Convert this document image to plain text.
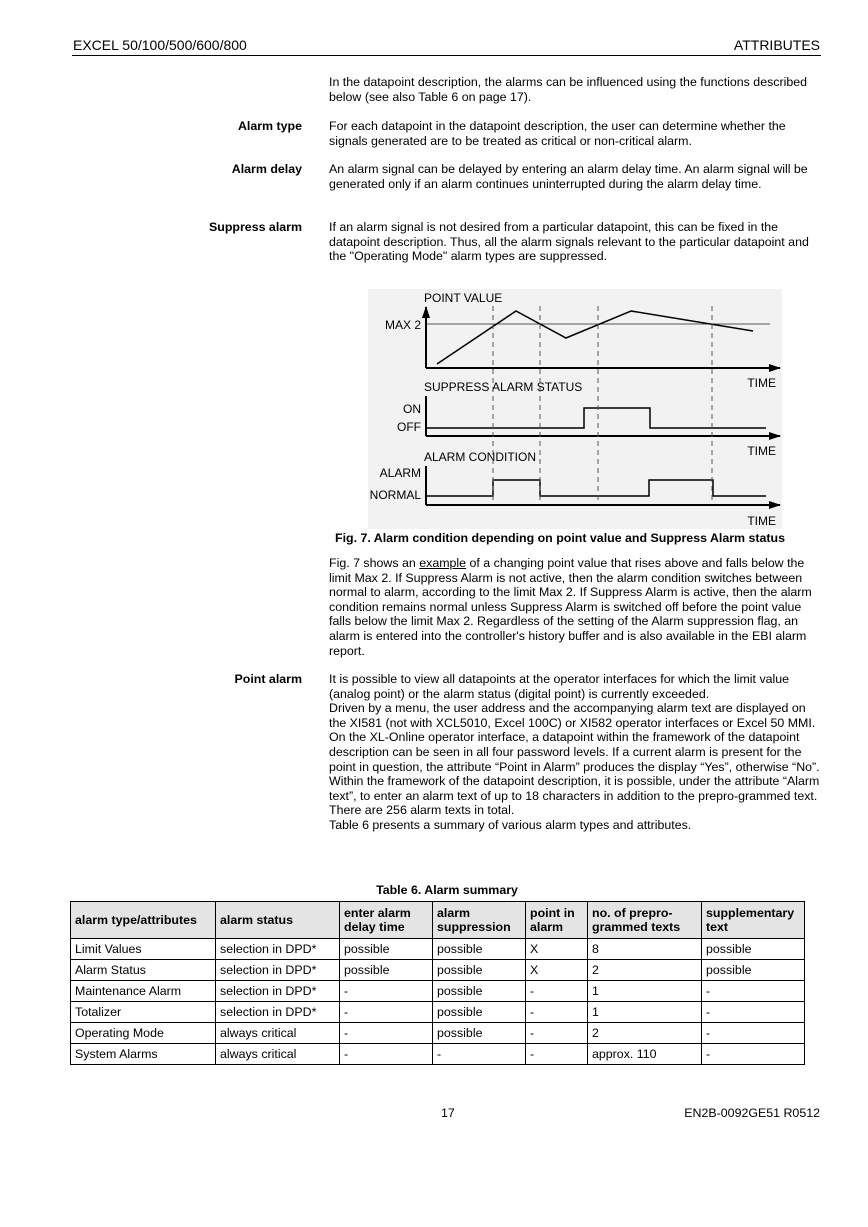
EXCEL 50/100/500/600/800	ATTRIBUTES

In the datapoint description, the alarms can be influenced using the functions described below (see also Table 6 on page 17).

Alarm type For each datapoint in the datapoint description, the user can determine whether the signals generated are to be treated as critical or non-critical alarm.

Alarm delay An alarm signal can be delayed by entering an alarm delay time. An alarm signal will be generated only if an alarm continues uninterrupted during the alarm delay time.

Suppress alarm If an alarm signal is not desired from a particular datapoint, this can be fixed in the datapoint description. Thus, all the alarm signals relevant to the particular datapoint and the "Operating Mode" alarm types are suppressed.

POINT VALUE
MAX 2
TIME
SUPPRESS ALARM STATUS
ON
OFF
TIME
ALARM CONDITION
ALARM
NORMAL
TIME
Fig. 7. Alarm condition depending on point value and Suppress Alarm status

Fig. 7 shows an example of a changing point value that rises above and falls below the limit Max 2. If Suppress Alarm is not active, then the alarm condition switches between normal to alarm, according to the limit Max 2. If Suppress Alarm is active, then the alarm condition remains normal unless Suppress Alarm is switched off before the point value falls below the limit Max 2. Regardless of the setting of the Alarm suppression flag, an alarm is entered into the controller's history buffer and is also available in the EBI alarm report.

Point alarm It is possible to view all datapoints at the operator interfaces for which the limit value (analog point) or the alarm status (digital point) is currently exceeded.
Driven by a menu, the user address and the accompanying alarm text are displayed on the XI581 (not with XCL5010, Excel 100C) or XI582 operator interfaces or Excel 50 MMI.
On the XL-Online operator interface, a datapoint within the framework of the datapoint description can be seen in all four password levels. If a current alarm is present for the point in question, the attribute “Point in Alarm” produces the display “Yes”, otherwise “No”.
Within the framework of the datapoint description, it is possible, under the attribute “Alarm text”, to enter an alarm text of up to 18 characters in addition to the prepro-grammed text. There are 256 alarm texts in total.
Table 6 presents a summary of various alarm types and attributes.
Table 6. Alarm summary
alarm type/attributes	alarm status	enter alarm delay time	alarm suppression	point in alarm	no. of prepro-grammed texts	supplementary text
Limit Values	selection in DPD*	possible	possible	X	8	possible
Alarm Status	selection in DPD*	possible	possible	X	2	possible
Maintenance Alarm	selection in DPD*	-	possible	-	1	-
Totalizer	selection in DPD*	-	possible	-	1	-
Operating Mode	always critical	-	possible	-	2	-
System Alarms	always critical	-	-	-	approx. 110	-
17	EN2B-0092GE51 R0512
